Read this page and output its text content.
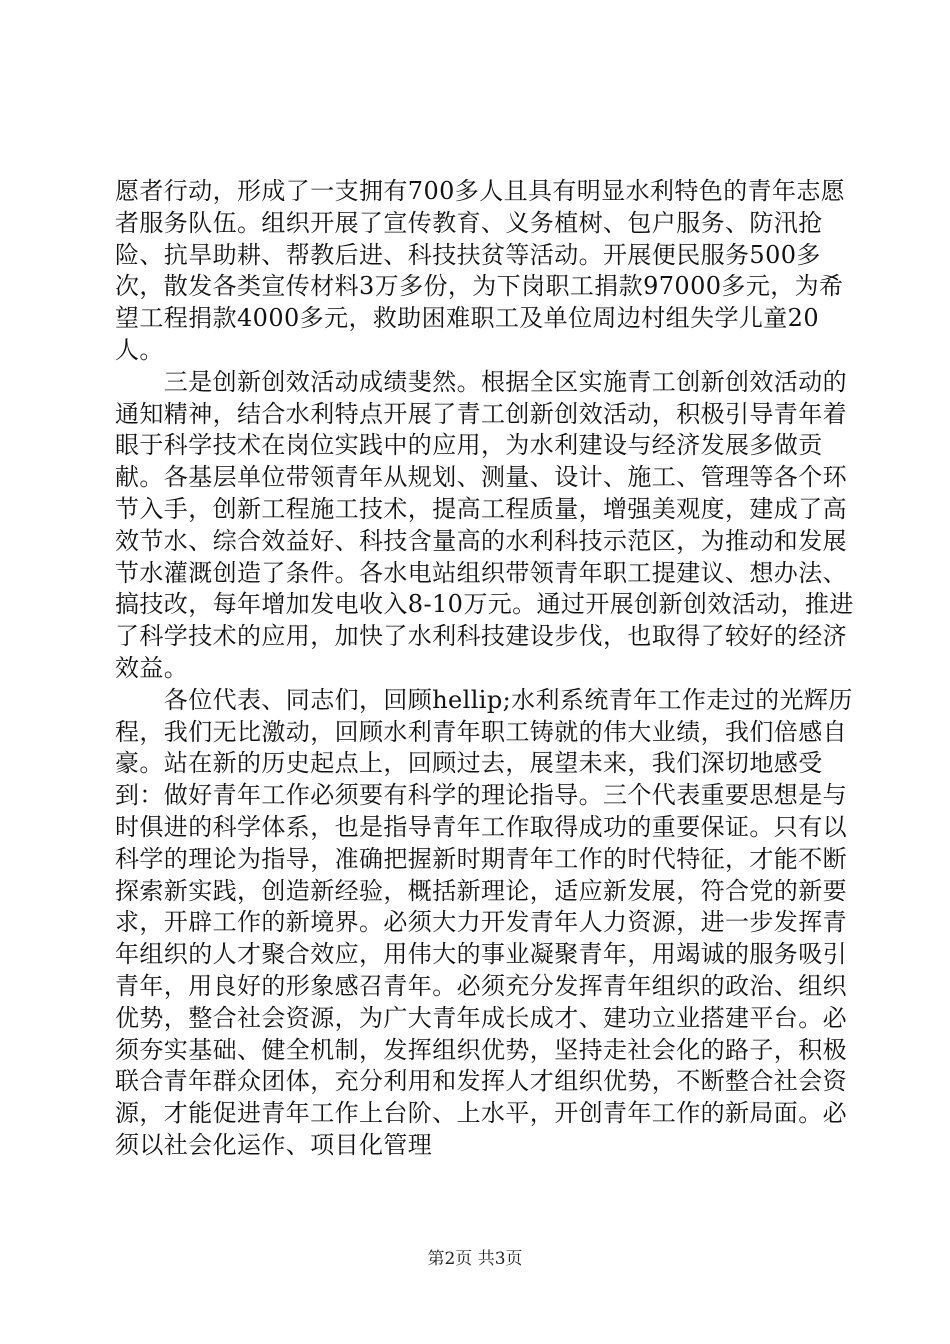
愿者行动，形成了一支拥有700多人且具有明显水利特色的青年志愿者服务队伍。组织开展了宣传教育、义务植树、包户服务、防汛抢险、抗旱助耕、帮教后进、科技扶贫等活动。开展便民服务500多次，散发各类宣传材料3万多份，为下岗职工捐款97000多元，为希望工程捐款4000多元，救助困难职工及单位周边村组失学儿童20人。

　　三是创新创效活动成绩斐然。根据全区实施青工创新创效活动的通知精神，结合水利特点开展了青工创新创效活动，积极引导青年着眼于科学技术在岗位实践中的应用，为水利建设与经济发展多做贡献。各基层单位带领青年从规划、测量、设计、施工、管理等各个环节入手，创新工程施工技术，提高工程质量，增强美观度，建成了高效节水、综合效益好、科技含量高的水利科技示范区，为推动和发展节水灌溉创造了条件。各水电站组织带领青年职工提建议、想办法、搞技改，每年增加发电收入8-10万元。通过开展创新创效活动，推进了科学技术的应用，加快了水利科技建设步伐，也取得了较好的经济效益。

　　各位代表、同志们，回顾hellip;水利系统青年工作走过的光辉历程，我们无比激动，回顾水利青年职工铸就的伟大业绩，我们倍感自豪。站在新的历史起点上，回顾过去，展望未来，我们深切地感受到：做好青年工作必须要有科学的理论指导。三个代表重要思想是与时俱进的科学体系，也是指导青年工作取得成功的重要保证。只有以科学的理论为指导，准确把握新时期青年工作的时代特征，才能不断探索新实践，创造新经验，概括新理论，适应新发展，符合党的新要求，开辟工作的新境界。必须大力开发青年人力资源，进一步发挥青年组织的人才聚合效应，用伟大的事业凝聚青年，用竭诚的服务吸引青年，用良好的形象感召青年。必须充分发挥青年组织的政治、组织优势，整合社会资源，为广大青年成长成才、建功立业搭建平台。必须夯实基础、健全机制，发挥组织优势，坚持走社会化的路子，积极联合青年群众团体，充分利用和发挥人才组织优势，不断整合社会资源，才能促进青年工作上台阶、上水平，开创青年工作的新局面。必须以社会化运作、项目化管理

第2页 共3页
